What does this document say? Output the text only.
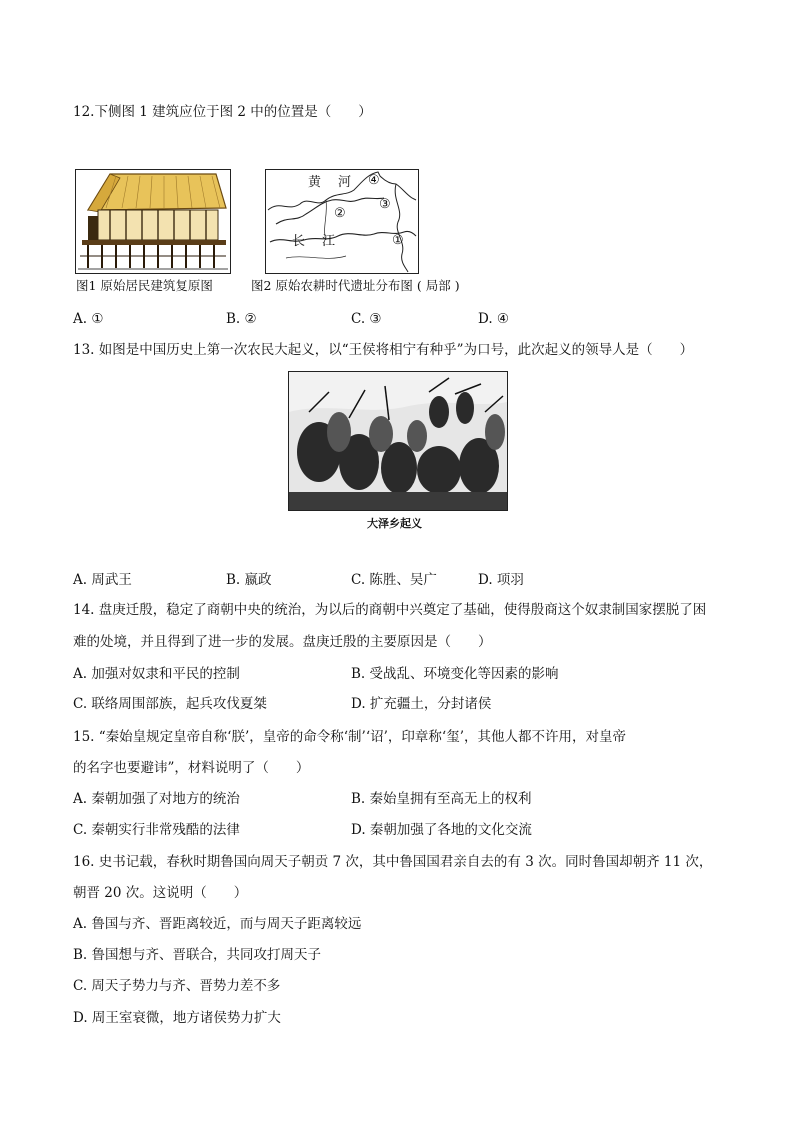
12.下侧图 1 建筑应位于图 2 中的位置是（　　）
黄 河
长 江
④
②
③
①
图1 原始居民建筑复原图	图2 原始农耕时代遗址分布图 ( 局部 )
A. ①	B. ②	C. ③	D. ④
13. 如图是中国历史上第一次农民大起义，以“王侯将相宁有种乎”为口号，此次起义的领导人是（　　）
大泽乡起义
A. 周武王	B. 嬴政	C. 陈胜、吴广	D. 项羽
14. 盘庚迁殷，稳定了商朝中央的统治，为以后的商朝中兴奠定了基础，使得殷商这个奴隶制国家摆脱了困
难的处境，并且得到了进一步的发展。盘庚迁殷的主要原因是（　　）
A. 加强对奴隶和平民的控制	B. 受战乱、环境变化等因素的影响
C. 联络周围部族，起兵攻伐夏桀	D. 扩充疆土，分封诸侯
15. “秦始皇规定皇帝自称‘朕’，皇帝的命令称‘制’‘诏’，印章称‘玺’，其他人都不许用，对皇帝
的名字也要避讳”，材料说明了（　　）
A. 秦朝加强了对地方的统治	B. 秦始皇拥有至高无上的权利
C. 秦朝实行非常残酷的法律	D. 秦朝加强了各地的文化交流
16. 史书记载，春秋时期鲁国向周天子朝贡 7 次，其中鲁国国君亲自去的有 3 次。同时鲁国却朝齐 11 次，
朝晋 20 次。这说明（　　）
A. 鲁国与齐、晋距离较近，而与周天子距离较远
B. 鲁国想与齐、晋联合，共同攻打周天子
C. 周天子势力与齐、晋势力差不多
D. 周王室衰微，地方诸侯势力扩大
